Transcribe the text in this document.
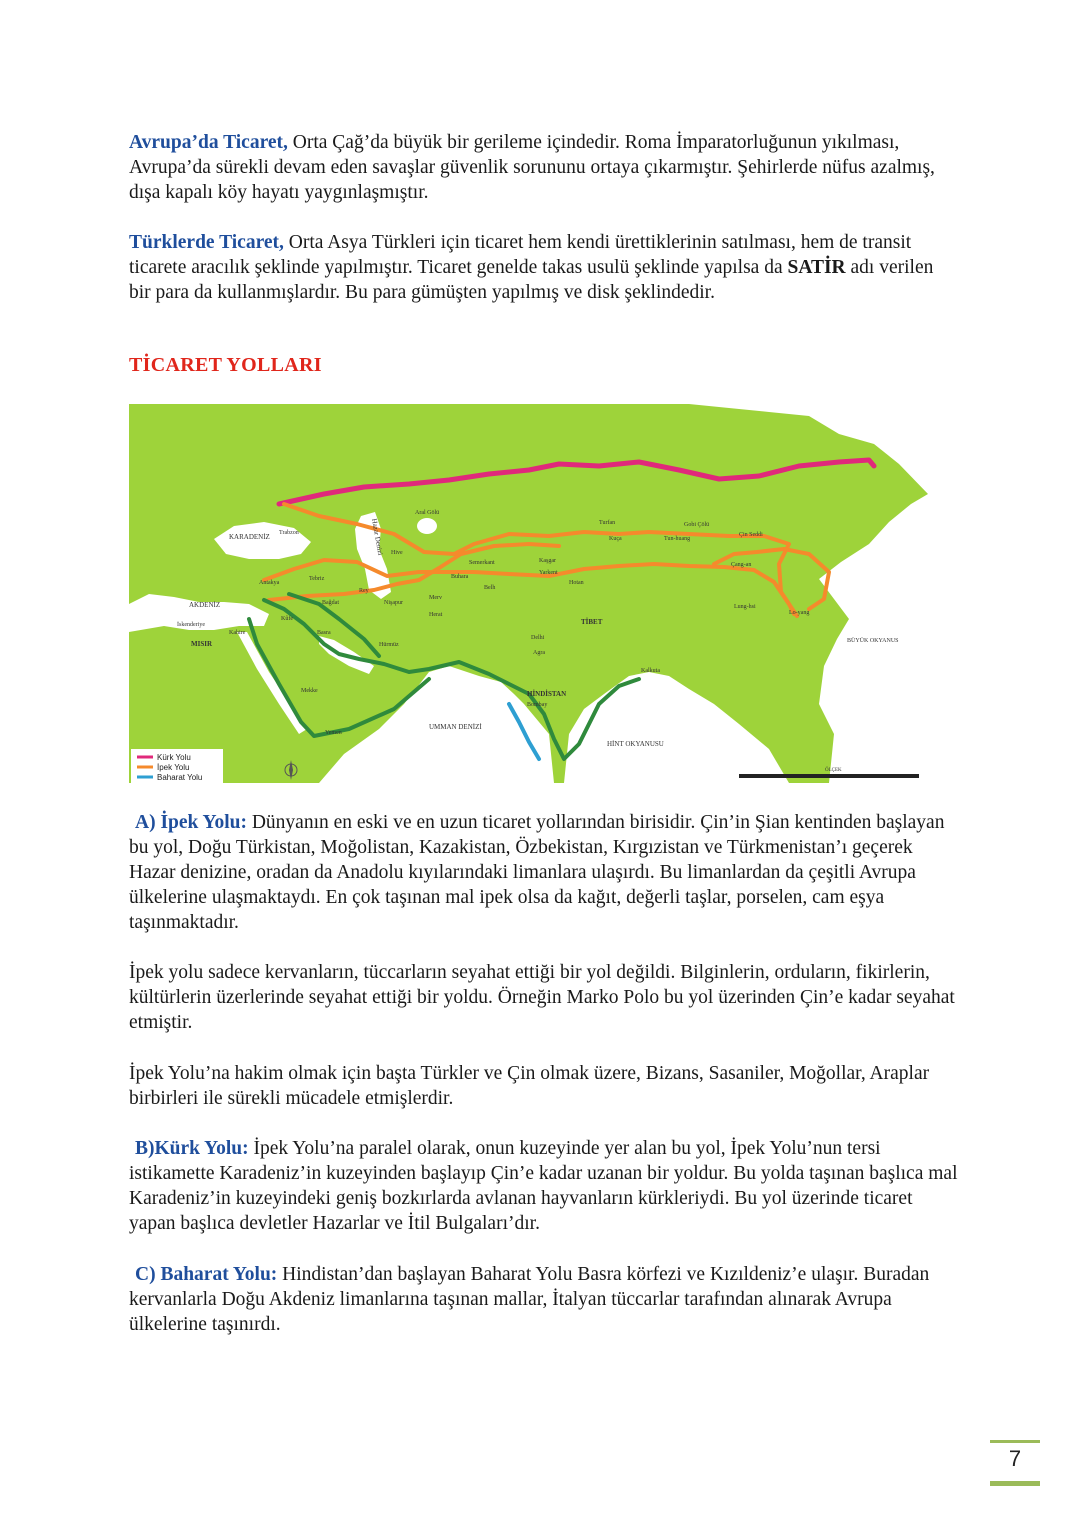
Avrupa’da Ticaret, Orta Çağ’da büyük bir gerileme içindedir. Roma İmparatorluğunun yıkılması, Avrupa’da sürekli devam eden savaşlar güvenlik sorununu ortaya çıkarmıştır. Şehirlerde nüfus azalmış, dışa kapalı köy hayatı yaygınlaşmıştır.

Türklerde Ticaret, Orta Asya Türkleri için ticaret hem kendi ürettiklerinin satılması, hem de transit ticarete aracılık şeklinde yapılmıştır. Ticaret genelde takas usulü şeklinde yapılsa da SATİR adı verilen bir para da kullanmışlardır. Bu para gümüşten yapılmış ve disk şeklindedir.

TİCARET YOLLARI
KARADENİZ
AKDENİZ
İskenderiye
MISIR
Kahire
Mekke
Yemen
Kûfe
Basra
Bağdat
Antakya
Trabzon
Tebriz
Rey
Nişapur
Herat
Merv
Buhara
Semerkant
Hive
Belh
Hazar Denizi
Aral Gölü
Kaşgar
Yarkent
Hotan
Turfan
Kuça
TİBET
Delhi
Agra
HİNDİSTAN
Bombay
Kalkuta
UMMAN DENİZİ
HİNT OKYANUSU
BÜYÜK OKYANUS
Gobi Çölü
Tun-huang
Çin Seddi
Çang-an
Lo-yang
Lung-hsi
Hürmüz
ÖLÇEK
Kürk Yolu
İpek Yolu
Baharat Yolu

A) İpek Yolu: Dünyanın en eski ve en uzun ticaret yollarından birisidir. Çin’in Şian kentinden başlayan bu yol, Doğu Türkistan, Moğolistan, Kazakistan, Özbekistan, Kırgızistan ve Türkmenistan’ı geçerek Hazar denizine, oradan da Anadolu kıyılarındaki limanlara ulaşırdı. Bu limanlardan da çeşitli Avrupa ülkelerine ulaşmaktaydı. En çok taşınan mal ipek olsa da kağıt, değerli taşlar, porselen, cam eşya taşınmaktadır.

İpek yolu sadece kervanların, tüccarların seyahat ettiği bir yol değildi. Bilginlerin, orduların, fikirlerin, kültürlerin üzerlerinde seyahat ettiği bir yoldu. Örneğin Marko Polo bu yol üzerinden Çin’e kadar seyahat etmiştir.

İpek Yolu’na hakim olmak için başta Türkler ve Çin olmak üzere, Bizans, Sasaniler, Moğollar, Araplar birbirleri ile sürekli mücadele etmişlerdir.

B)Kürk Yolu: İpek Yolu’na paralel olarak, onun kuzeyinde yer alan bu yol, İpek Yolu’nun tersi istikamette Karadeniz’in kuzeyinden başlayıp Çin’e kadar uzanan bir yoldur. Bu yolda taşınan başlıca mal Karadeniz’in kuzeyindeki geniş bozkırlarda avlanan hayvanların kürkleriydi. Bu yol üzerinde ticaret yapan başlıca devletler Hazarlar ve İtil Bulgaları’dır.

C) Baharat Yolu: Hindistan’dan başlayan Baharat Yolu Basra körfezi ve Kızıldeniz’e ulaşır. Buradan kervanlarla Doğu Akdeniz limanlarına taşınan mallar, İtalyan tüccarlar tarafından alınarak Avrupa ülkelerine taşınırdı.

7
